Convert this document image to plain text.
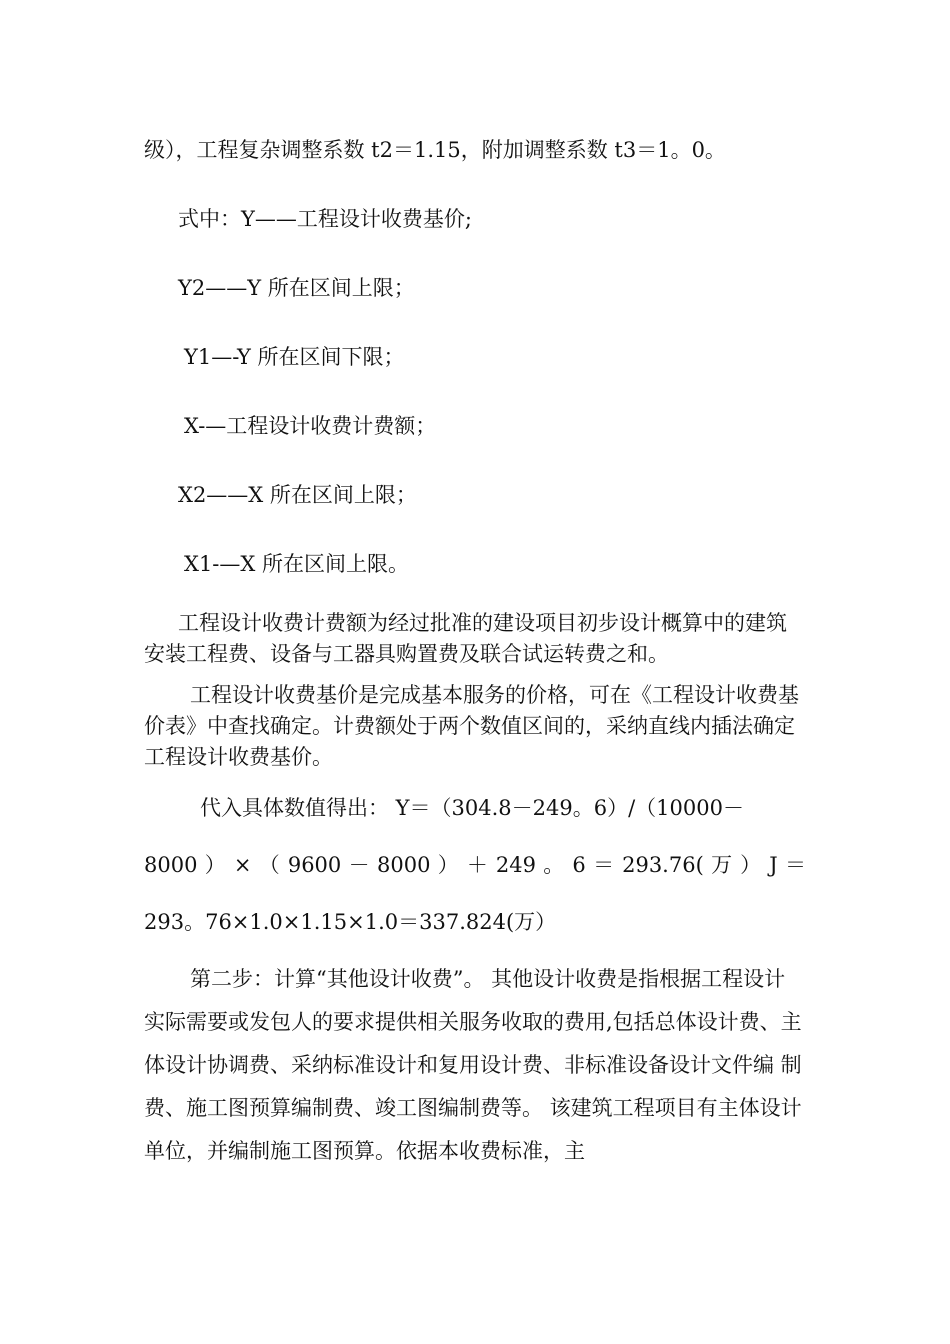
级），工程复杂调整系数 t2＝1.15，附加调整系数 t3＝1。0。
式中：Y——工程设计收费基价;
Y2——Y 所在区间上限；
Y1—-Y 所在区间下限；
X-—工程设计收费计费额；
X2——X 所在区间上限；
X1-—X 所在区间上限。
工程设计收费计费额为经过批准的建设项目初步设计概算中的建筑安装工程费、设备与工器具购置费及联合试运转费之和。
工程设计收费基价是完成基本服务的价格，可在《工程设计收费基价表》中查找确定。计费额处于两个数值区间的，采纳直线内插法确定工程设计收费基价。
代入具体数值得出： Y＝（304.8－249。6）/（10000－
8000 ） × （ 9600 － 8000 ） ＋ 249 。 6 ＝ 293.76( 万 ） J ＝
293。76×1.0×1.15×1.0＝337.824(万）
第二步：计算“其他设计收费”。 其他设计收费是指根据工程设计实际需要或发包人的要求提供相关服务收取的费用,包括总体设计费、主体设计协调费、采纳标准设计和复用设计费、非标准设备设计文件编 制费、施工图预算编制费、竣工图编制费等。 该建筑工程项目有主体设计单位，并编制施工图预算。依据本收费标准，主
